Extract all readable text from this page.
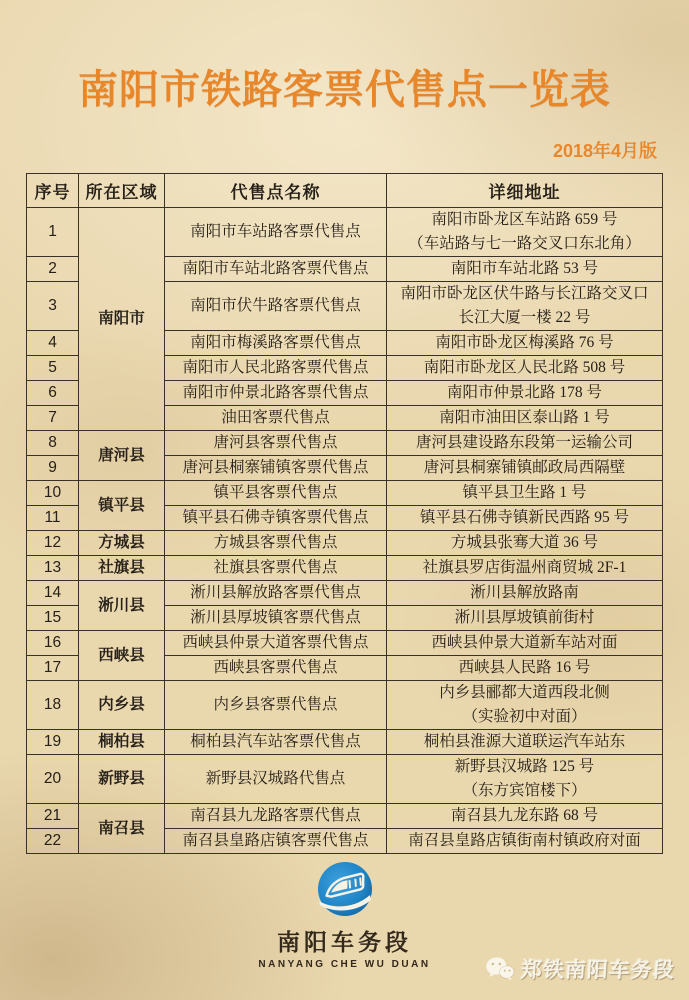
南阳市铁路客票代售点一览表
2018年4月版
序号	所在区域	代售点名称	详细地址
1	南阳市	南阳市车站路客票代售点	南阳市卧龙区车站路 659 号
（车站路与七一路交叉口东北角）

2		南阳市车站北路客票代售点	南阳市车站北路 53 号

3		南阳市伏牛路客票代售点	南阳市卧龙区伏牛路与长江路交叉口
长江大厦一楼 22 号

4		南阳市梅溪路客票代售点	南阳市卧龙区梅溪路 76 号

5		南阳市人民北路客票代售点	南阳市卧龙区人民北路 508 号

6		南阳市仲景北路客票代售点	南阳市仲景北路 178 号

7		油田客票代售点	南阳市油田区泰山路 1 号

8	唐河县	唐河县客票代售点	唐河县建设路东段第一运输公司

9		唐河县桐寨铺镇客票代售点	唐河县桐寨铺镇邮政局西隔壁

10	镇平县	镇平县客票代售点	镇平县卫生路 1 号

11		镇平县石佛寺镇客票代售点	镇平县石佛寺镇新民西路 95 号

12	方城县	方城县客票代售点	方城县张骞大道 36 号

13	社旗县	社旗县客票代售点	社旗县罗店街温州商贸城 2F-1

14	淅川县	淅川县解放路客票代售点	淅川县解放路南

15		淅川县厚坡镇客票代售点	淅川县厚坡镇前街村

16	西峡县	西峡县仲景大道客票代售点	西峡县仲景大道新车站对面

17		西峡县客票代售点	西峡县人民路 16 号

18	内乡县	内乡县客票代售点	内乡县郦都大道西段北侧
（实验初中对面）

19	桐柏县	桐柏县汽车站客票代售点	桐柏县淮源大道联运汽车站东

20	新野县	新野县汉城路代售点	新野县汉城路 125 号
（东方宾馆楼下）

21	南召县	南召县九龙路客票代售点	南召县九龙东路 68 号

22		南召县皇路店镇客票代售点	南召县皇路店镇街南村镇政府对面
南阳车务段
NANYANG CHE WU DUAN	郑铁南阳车务段
